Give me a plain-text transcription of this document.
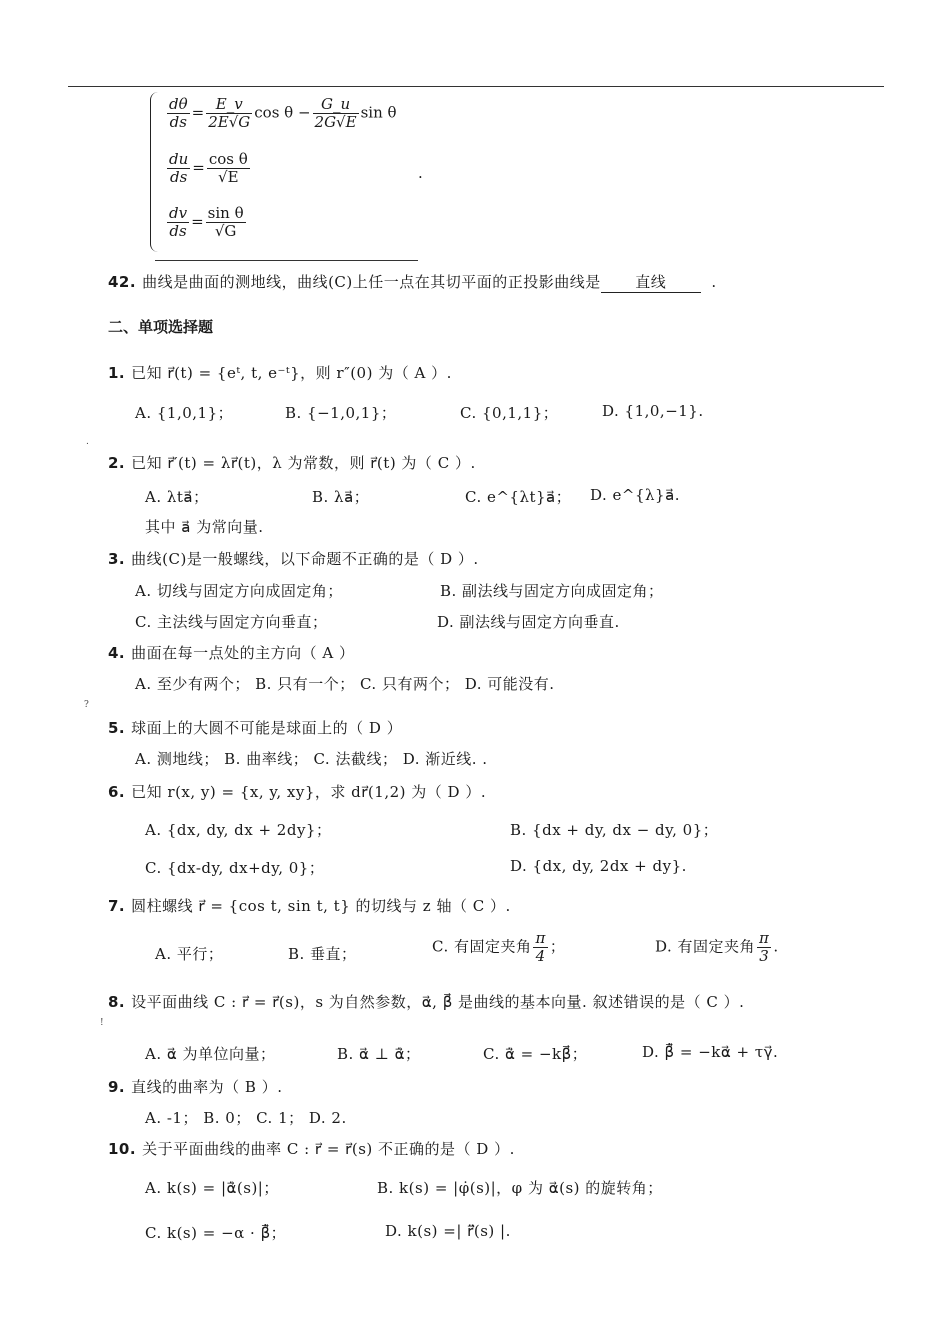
$\frac{d\theta}{ds} = \frac{E\_v}{2E√G}$ $\cos \theta - \frac{G\_u}{2G√E}$ sin θ
$\frac{du}{ds} = \frac{\text{cos θ}}{√E}$
$\frac{dv}{ds} = \frac{\text{sin θ}}{√G}$
.
42. 曲线是曲面的测地线，曲线(C)上任一点在其切平面的正投影曲线是 直线	.
二、单项选择题
1. 已知 r⃗(t) = {eᵗ, t, e⁻ᵗ}，则 r″(0) 为（ A ）.
A. {1,0,1}；	B. {−1,0,1}；	C. {0,1,1}；	D. {1,0,−1}.
.
2. 已知 r⃗′(t) = λr⃗(t)，λ 为常数，则 r⃗(t) 为（ C ）.
A. λta⃗；	B. λa⃗；	C. e^{λt}a⃗； D. e^{λ}a⃗.
其中 a⃗ 为常向量.
3. 曲线(C)是一般螺线，以下命题不正确的是（ D ）.
A. 切线与固定方向成固定角；	B. 副法线与固定方向成固定角；
C. 主法线与固定方向垂直；	D. 副法线与固定方向垂直.
4. 曲面在每一点处的主方向（ A ）
A. 至少有两个； B. 只有一个； C. 只有两个； D. 可能没有.
?
5. 球面上的大圆不可能是球面上的（ D ）
A. 测地线； B. 曲率线； C. 法截线； D. 渐近线. .
6. 已知 r(x, y) = {x, y, xy}，求 dr⃗(1,2) 为（ D ）.
A. {dx, dy, dx + 2dy}；	B. {dx + dy, dx − dy, 0}；
C. {dx-dy, dx+dy, 0}；	D. {dx, dy, 2dx + dy}.
7. 圆柱螺线 r⃗ = {cos t, sin t, t} 的切线与 z 轴（ C ）.
A. 平行；	B. 垂直；	C. 有固定夹角 $\frac{\pi}{4}$ ；	D. 有固定夹角 $\frac{\pi}{3}$ .
8. 设平面曲线 C : r⃗ = r⃗(s)，s 为自然参数，α⃗, β⃗ 是曲线的基本向量. 叙述错误的是（ C ）.
!
A. α⃗ 为单位向量；	B. α⃗ ⊥ α̇⃗；	C. α̇⃗ = −kβ⃗；	D. β̇⃗ = −kα⃗ + τγ⃗.
9. 直线的曲率为（ B ）.
A. -1； B. 0； C. 1； D. 2.
10. 关于平面曲线的曲率 C : r⃗ = r⃗(s) 不正确的是（ D ）.
A. k(s) = |α̇⃗(s)|；	B. k(s) = |φ̇(s)|，φ 为 α⃗(s) 的旋转角；
C. k(s) = −α · β̇⃗；	D. k(s) =| r̈⃗(s) |.
